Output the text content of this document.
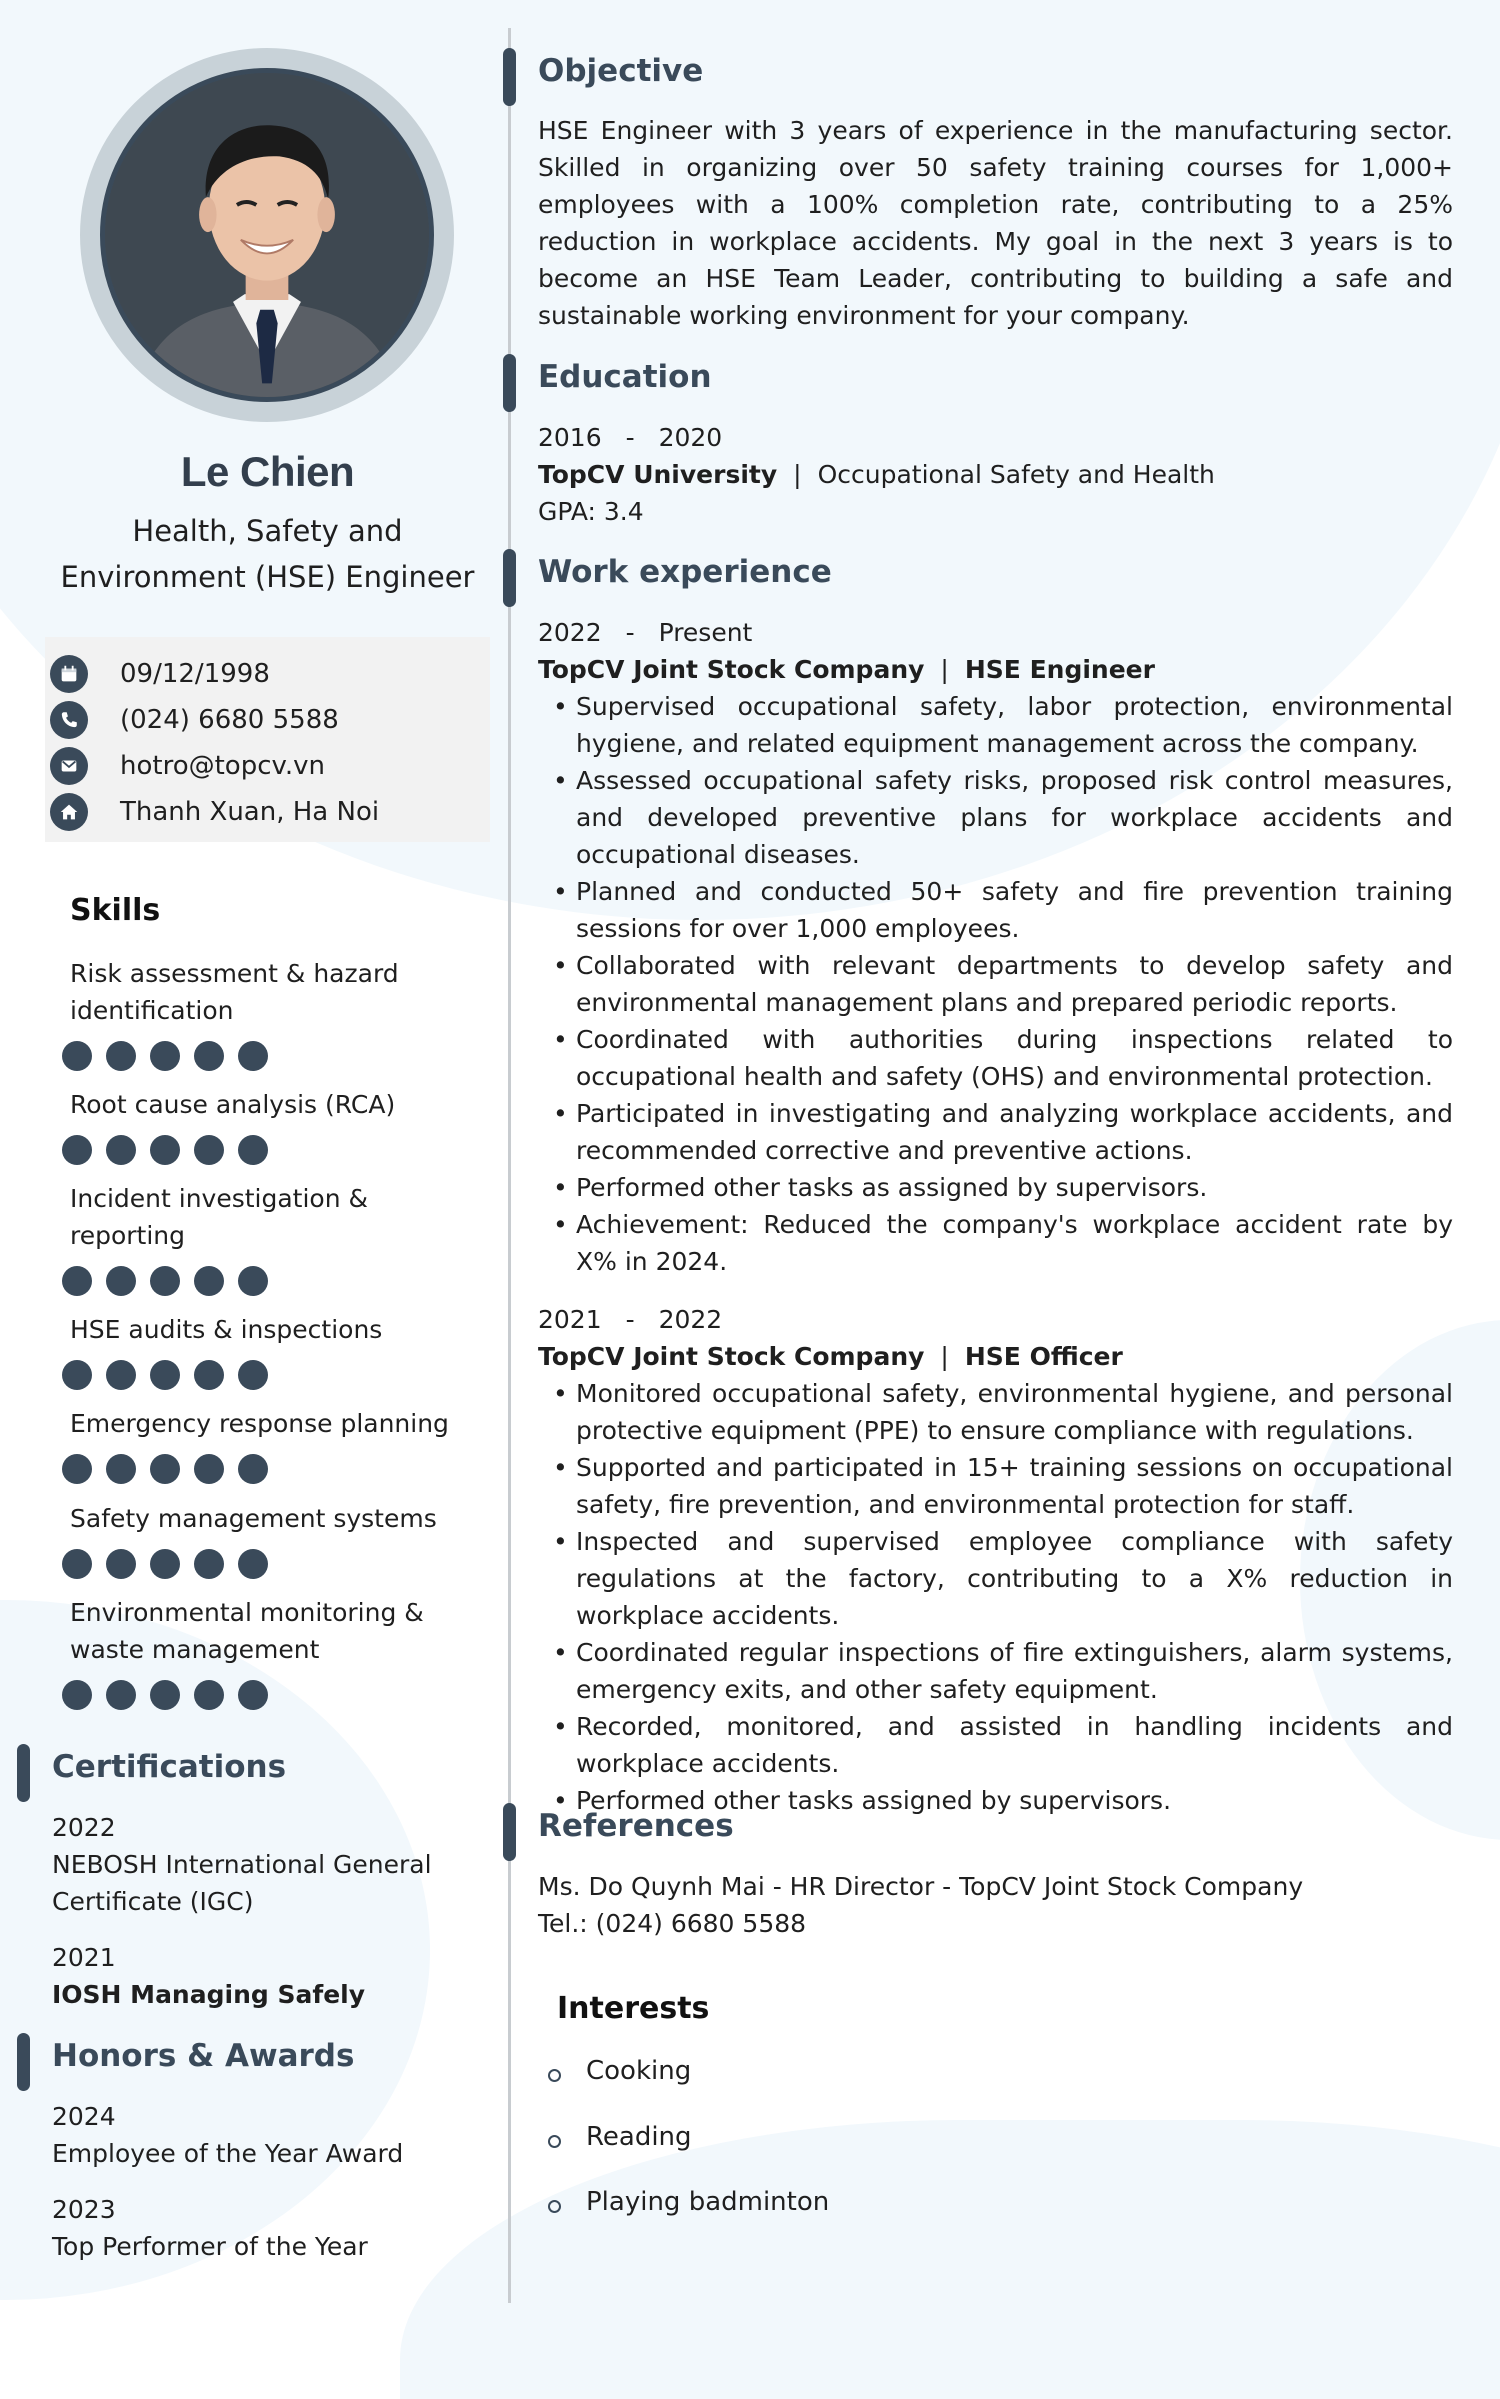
Le Chien
Health, Safety and Environment (HSE) Engineer
09/12/1998
(024) 6680 5588
hotro@topcv.vn
Thanh Xuan, Ha Noi
Skills
Risk assessment & hazard identification
Root cause analysis (RCA)
Incident investigation & reporting
HSE audits & inspections
Emergency response planning
Safety management systems
Environmental monitoring & waste management
Certifications
2022
NEBOSH International General Certificate (IGC)
2021
IOSH Managing Safely
Honors & Awards
2024
Employee of the Year Award
2023
Top Performer of the Year
Objective
HSE Engineer with 3 years of experience in the manufacturing sector. Skilled in organizing over 50 safety training courses for 1,000+ employees with a 100% completion rate, contributing to a 25% reduction in workplace accidents. My goal in the next 3 years is to become an HSE Team Leader, contributing to building a safe and sustainable working environment for your company.
Education
2016 - 2020
TopCV University | Occupational Safety and Health
GPA: 3.4
Work experience
2022 - Present
TopCV Joint Stock Company | HSE Engineer
• Supervised occupational safety, labor protection, environmental hygiene, and related equipment management across the company.
• Assessed occupational safety risks, proposed risk control measures, and developed preventive plans for workplace accidents and occupational diseases.
• Planned and conducted 50+ safety and fire prevention training sessions for over 1,000 employees.
• Collaborated with relevant departments to develop safety and environmental management plans and prepared periodic reports.
• Coordinated with authorities during inspections related to occupational health and safety (OHS) and environmental protection.
• Participated in investigating and analyzing workplace accidents, and recommended corrective and preventive actions.
• Performed other tasks as assigned by supervisors.
• Achievement: Reduced the company's workplace accident rate by X% in 2024.
2021 - 2022
TopCV Joint Stock Company | HSE Officer
• Monitored occupational safety, environmental hygiene, and personal protective equipment (PPE) to ensure compliance with regulations.
• Supported and participated in 15+ training sessions on occupational safety, fire prevention, and environmental protection for staff.
• Inspected and supervised employee compliance with safety regulations at the factory, contributing to a X% reduction in workplace accidents.
• Coordinated regular inspections of fire extinguishers, alarm systems, emergency exits, and other safety equipment.
• Recorded, monitored, and assisted in handling incidents and workplace accidents.
• Performed other tasks assigned by supervisors.
References
Ms. Do Quynh Mai - HR Director - TopCV Joint Stock Company
Tel.: (024) 6680 5588
Interests
Cooking
Reading
Playing badminton
